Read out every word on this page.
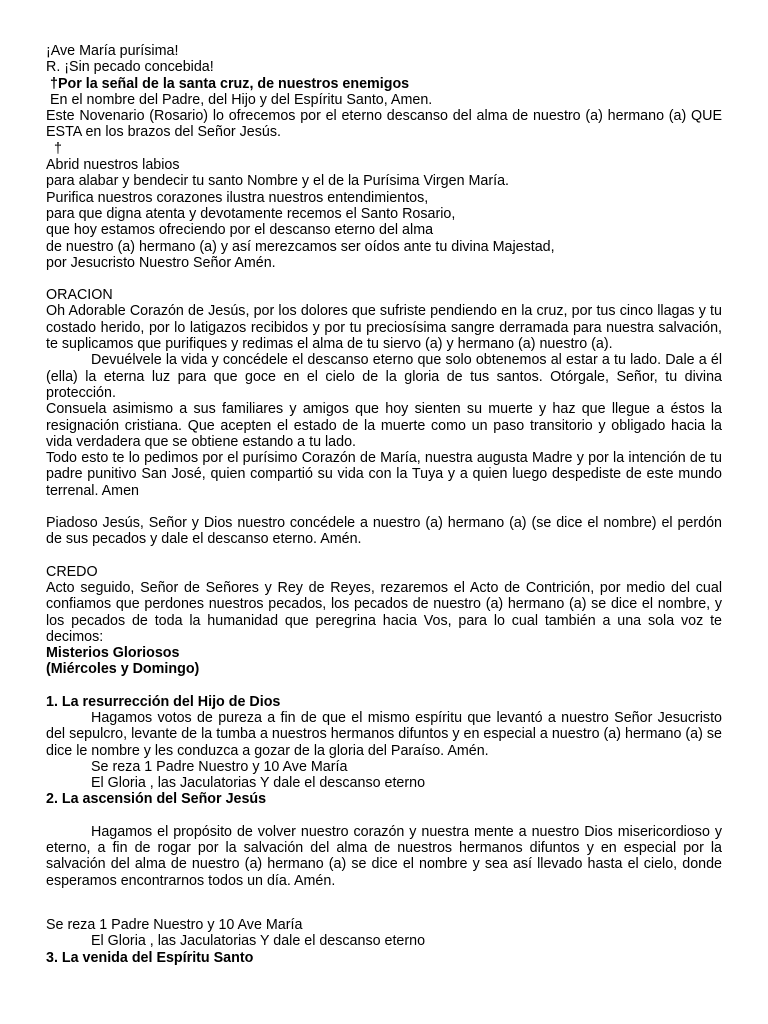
¡Ave María purísima!

R. ¡Sin pecado concebida!

†Por la señal de la santa cruz, de nuestros enemigos

En el nombre del Padre, del Hijo y del Espíritu Santo, Amen.

Este Novenario (Rosario) lo ofrecemos por el eterno descanso del alma de nuestro (a) hermano (a) QUE ESTA en los brazos del Señor Jesús.

†

Abrid nuestros labios

para alabar y bendecir tu santo Nombre y el de la Purísima Virgen María.

Purifica nuestros corazones ilustra nuestros entendimientos,

para que digna atenta y devotamente recemos el Santo Rosario,

que hoy estamos ofreciendo por el descanso eterno del alma

de nuestro (a) hermano (a) y así merezcamos ser oídos ante tu divina Majestad,

por Jesucristo Nuestro Señor Amén.

ORACION

Oh Adorable Corazón de Jesús, por los dolores que sufriste pendiendo en la cruz, por tus cinco llagas y tu costado herido, por lo latigazos recibidos y por tu preciosísima sangre derramada para nuestra salvación, te suplicamos que purifiques y redimas el alma de tu siervo (a) y hermano (a) nuestro (a).

Devuélvele la vida y concédele el descanso eterno que solo obtenemos al estar a tu lado. Dale a él (ella) la eterna luz para que goce en el cielo de la gloria de tus santos. Otórgale, Señor, tu divina protección.

Consuela asimismo a sus familiares y amigos que hoy sienten su muerte y haz que llegue a éstos la resignación cristiana. Que acepten el estado de la muerte como un paso transitorio y obligado hacia la vida verdadera que se obtiene estando a tu lado.

Todo esto te lo pedimos por el purísimo Corazón de María, nuestra augusta Madre y por la intención de tu padre punitivo San José, quien compartió su vida con la Tuya y a quien luego despediste de este mundo terrenal. Amen

Piadoso Jesús, Señor y Dios nuestro concédele a nuestro (a) hermano (a) (se dice el nombre) el perdón de sus pecados y dale el descanso eterno. Amén.

CREDO

Acto seguido, Señor de Señores y Rey de Reyes, rezaremos el Acto de Contrición, por medio del cual confiamos que perdones nuestros pecados, los pecados de nuestro (a) hermano (a) se dice el nombre, y los pecados de toda la humanidad que peregrina hacia Vos, para lo cual también a una sola voz te decimos:

Misterios Gloriosos

(Miércoles y Domingo)

1. La resurrección del Hijo de Dios

Hagamos votos de pureza a fin de que el mismo espíritu que levantó a nuestro Señor Jesucristo del sepulcro, levante de la tumba a nuestros hermanos difuntos y en especial a nuestro (a) hermano (a) se dice le nombre y les conduzca a gozar de la gloria del Paraíso. Amén.

Se reza 1 Padre Nuestro y 10 Ave María

El Gloria , las Jaculatorias Y dale el descanso eterno

2. La ascensión del Señor Jesús

Hagamos el propósito de volver nuestro corazón y nuestra mente a nuestro Dios misericordioso y eterno, a fin de rogar por la salvación del alma de nuestros hermanos difuntos y en especial por la salvación del alma de nuestro (a) hermano (a) se dice el nombre y sea así llevado hasta el cielo, donde esperamos encontrarnos todos un día. Amén.

Se reza 1 Padre Nuestro y 10 Ave María

El Gloria , las Jaculatorias Y dale el descanso eterno

3. La venida del Espíritu Santo
